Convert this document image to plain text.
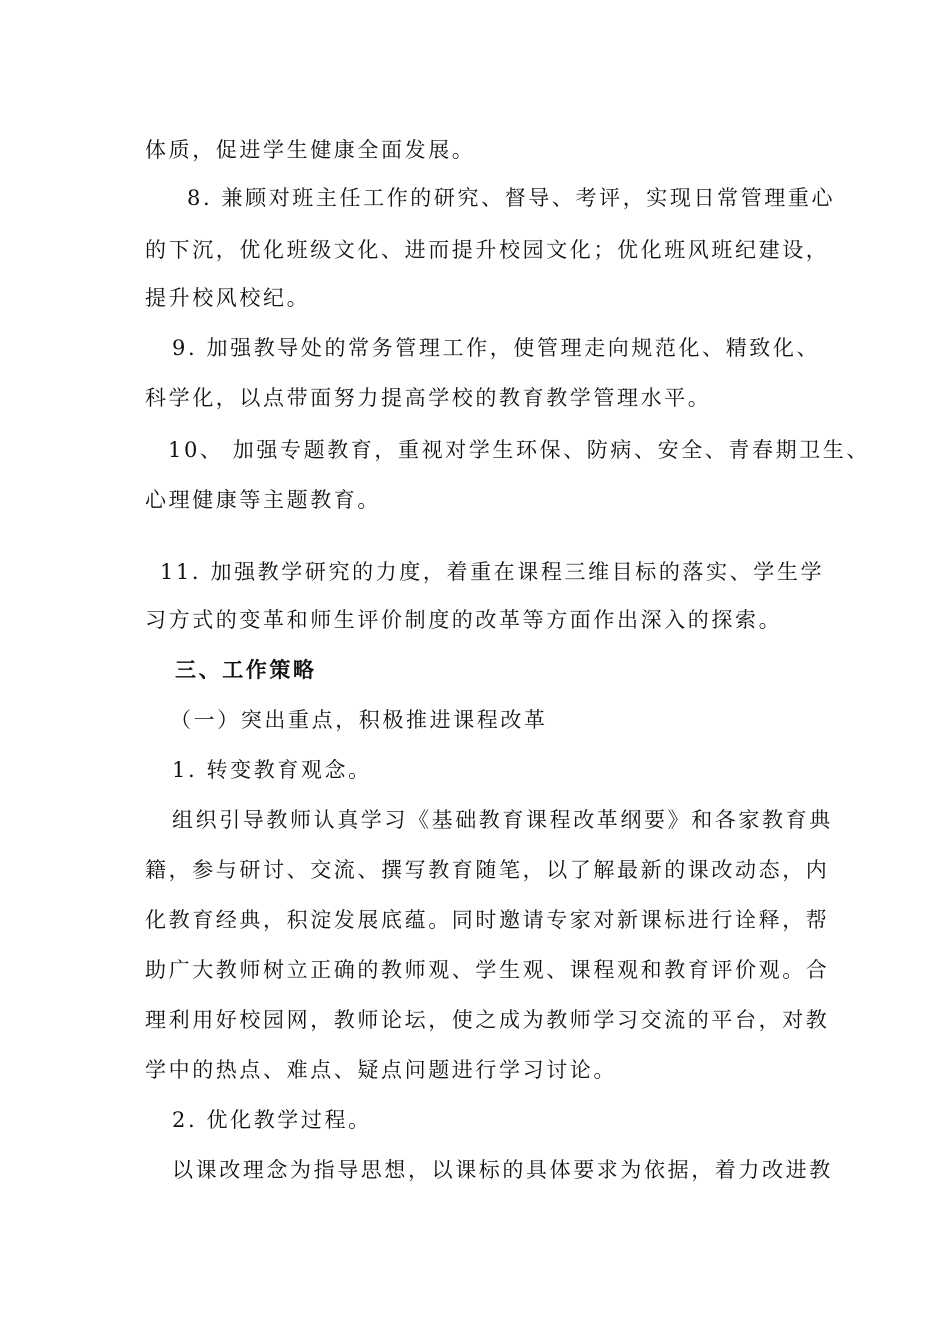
体质，促进学生健康全面发展。
8. 兼顾对班主任工作的研究、督导、考评，实现日常管理重心
的下沉，优化班级文化、进而提升校园文化；优化班风班纪建设，
提升校风校纪。
9. 加强教导处的常务管理工作，使管理走向规范化、精致化、
科学化，以点带面努力提高学校的教育教学管理水平。
10、 加强专题教育，重视对学生环保、防病、安全、青春期卫生、
心理健康等主题教育。
11. 加强教学研究的力度，着重在课程三维目标的落实、学生学
习方式的变革和师生评价制度的改革等方面作出深入的探索。
三、工作策略
（一）突出重点，积极推进课程改革
1. 转变教育观念。
组织引导教师认真学习《基础教育课程改革纲要》和各家教育典
籍，参与研讨、交流、撰写教育随笔，以了解最新的课改动态，内
化教育经典，积淀发展底蕴。同时邀请专家对新课标进行诠释，帮
助广大教师树立正确的教师观、学生观、课程观和教育评价观。合
理利用好校园网，教师论坛，使之成为教师学习交流的平台，对教
学中的热点、难点、疑点问题进行学习讨论。
2. 优化教学过程。
以课改理念为指导思想，以课标的具体要求为依据，着力改进教
